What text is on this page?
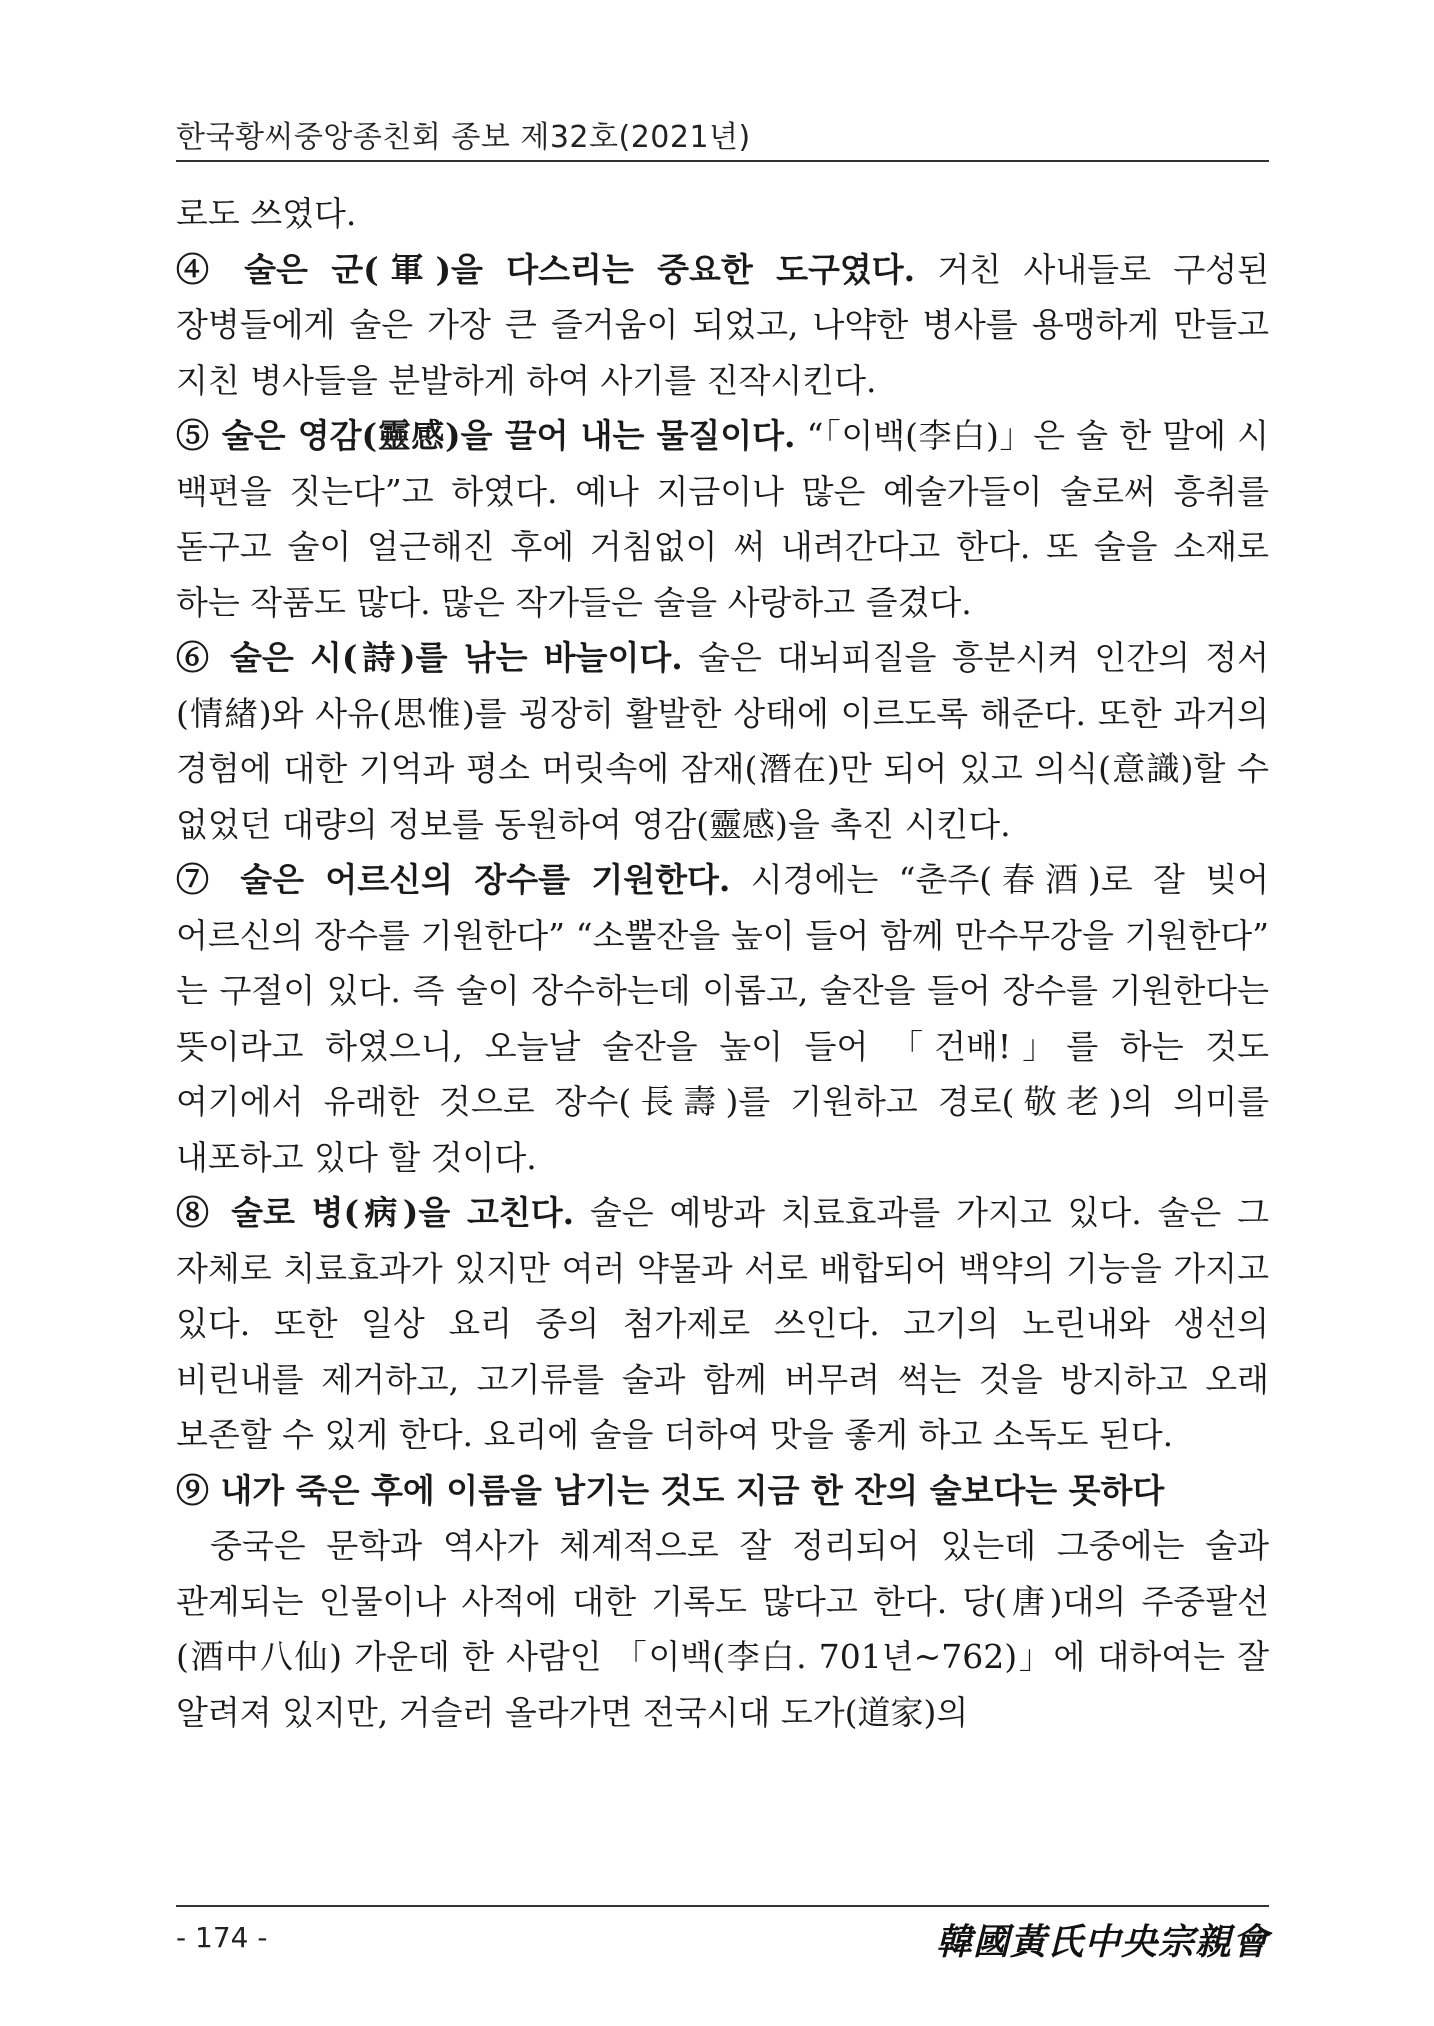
한국황씨중앙종친회 종보 제32호(2021년)

로도 쓰였다.

④ 술은 군(軍)을 다스리는 중요한 도구였다. 거친 사내들로 구성된 장병들에게 술은 가장 큰 즐거움이 되었고, 나약한 병사를 용맹하게 만들고 지친 병사들을 분발하게 하여 사기를 진작시킨다.

⑤ 술은 영감(靈感)을 끌어 내는 물질이다. “「이백(李白)」은 술 한 말에 시 백편을 짓는다”고 하였다. 예나 지금이나 많은 예술가들이 술로써 흥취를 돋구고 술이 얼근해진 후에 거침없이 써 내려간다고 한다. 또 술을 소재로 하는 작품도 많다. 많은 작가들은 술을 사랑하고 즐겼다.

⑥ 술은 시(詩)를 낚는 바늘이다. 술은 대뇌피질을 흥분시켜 인간의 정서(情緖)와 사유(思惟)를 굉장히 활발한 상태에 이르도록 해준다. 또한 과거의 경험에 대한 기억과 평소 머릿속에 잠재(潛在)만 되어 있고 의식(意識)할 수 없었던 대량의 정보를 동원하여 영감(靈感)을 촉진 시킨다.

⑦ 술은 어르신의 장수를 기원한다. 시경에는 “춘주(春酒)로 잘 빚어 어르신의 장수를 기원한다” “소뿔잔을 높이 들어 함께 만수무강을 기원한다” 는 구절이 있다. 즉 술이 장수하는데 이롭고, 술잔을 들어 장수를 기원한다는 뜻이라고 하였으니, 오늘날 술잔을 높이 들어 「건배!」를 하는 것도 여기에서 유래한 것으로 장수(長壽)를 기원하고 경로(敬老)의 의미를 내포하고 있다 할 것이다.

⑧ 술로 병(病)을 고친다. 술은 예방과 치료효과를 가지고 있다. 술은 그 자체로 치료효과가 있지만 여러 약물과 서로 배합되어 백약의 기능을 가지고 있다. 또한 일상 요리 중의 첨가제로 쓰인다. 고기의 노린내와 생선의 비린내를 제거하고, 고기류를 술과 함께 버무려 썩는 것을 방지하고 오래 보존할 수 있게 한다. 요리에 술을 더하여 맛을 좋게 하고 소독도 된다.

⑨ 내가 죽은 후에 이름을 남기는 것도 지금 한 잔의 술보다는 못하다

중국은 문학과 역사가 체계적으로 잘 정리되어 있는데 그중에는 술과 관계되는 인물이나 사적에 대한 기록도 많다고 한다. 당(唐)대의 주중팔선(酒中八仙) 가운데 한 사람인 「이백(李白. 701년~762)」에 대하여는 잘 알려져 있지만, 거슬러 올라가면 전국시대 도가(道家)의

- 174 -	韓國黃氏中央宗親會
